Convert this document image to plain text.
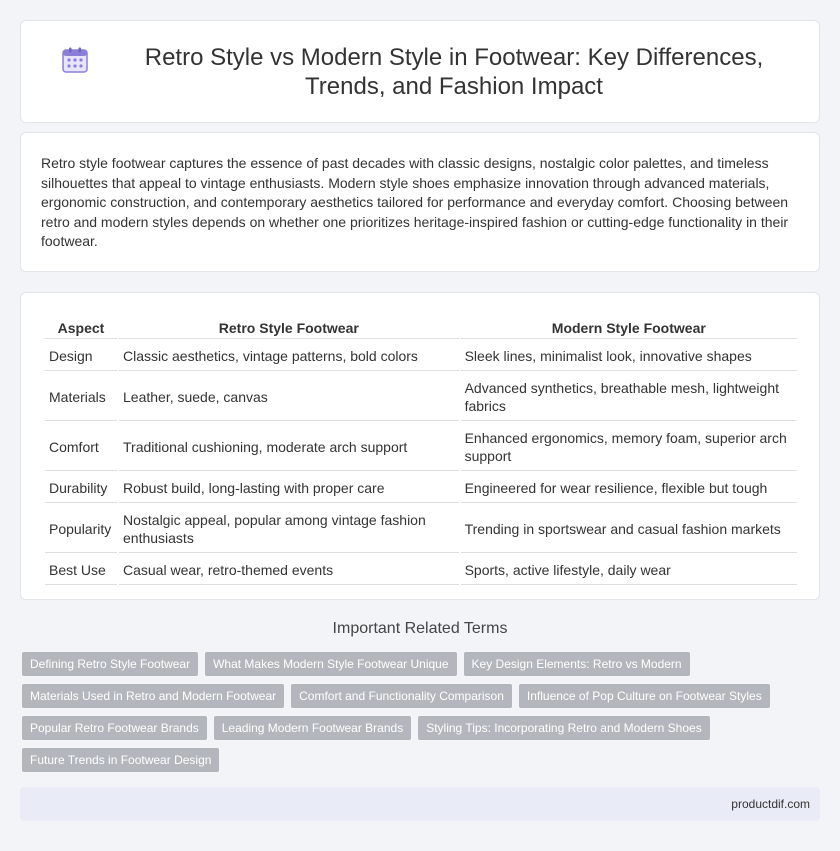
Retro Style vs Modern Style in Footwear: Key Differences, Trends, and Fashion Impact

Retro style footwear captures the essence of past decades with classic designs, nostalgic color palettes, and timeless silhouettes that appeal to vintage enthusiasts. Modern style shoes emphasize innovation through advanced materials, ergonomic construction, and contemporary aesthetics tailored for performance and everyday comfort. Choosing between retro and modern styles depends on whether one prioritizes heritage-inspired fashion or cutting-edge functionality in their footwear.

Aspect	Retro Style Footwear	Modern Style Footwear
Design	Classic aesthetics, vintage patterns, bold colors	Sleek lines, minimalist look, innovative shapes
Materials	Leather, suede, canvas	Advanced synthetics, breathable mesh, lightweight fabrics
Comfort	Traditional cushioning, moderate arch support	Enhanced ergonomics, memory foam, superior arch support
Durability	Robust build, long-lasting with proper care	Engineered for wear resilience, flexible but tough
Popularity	Nostalgic appeal, popular among vintage fashion enthusiasts	Trending in sportswear and casual fashion markets
Best Use	Casual wear, retro-themed events	Sports, active lifestyle, daily wear
Important Related Terms
Defining Retro Style Footwear	What Makes Modern Style Footwear Unique	Key Design Elements: Retro vs Modern
Materials Used in Retro and Modern Footwear	Comfort and Functionality Comparison	Influence of Pop Culture on Footwear Styles
Popular Retro Footwear Brands	Leading Modern Footwear Brands	Styling Tips: Incorporating Retro and Modern Shoes
Future Trends in Footwear Design
productdif.com
